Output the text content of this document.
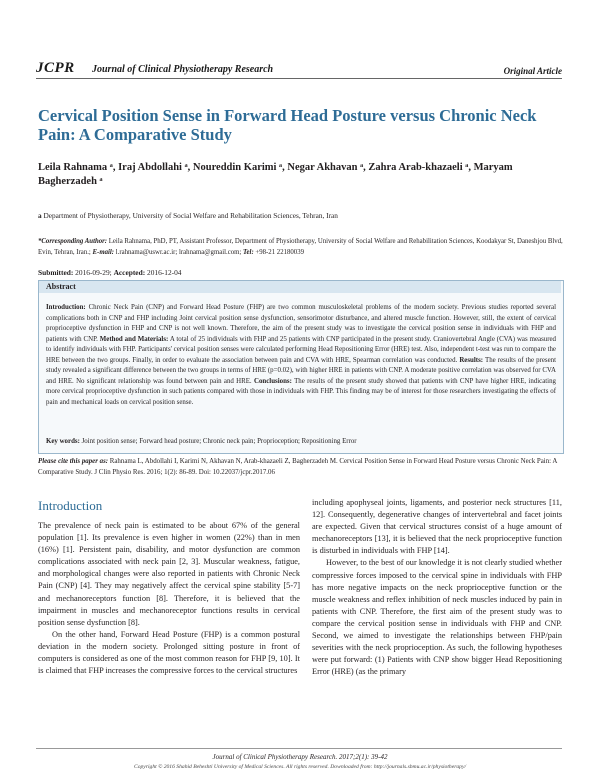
JCPR Journal of Clinical Physiotherapy Research	Original Article
Cervical Position Sense in Forward Head Posture versus Chronic Neck Pain: A Comparative Study
Leila Rahnama ᵃ, Iraj Abdollahi ᵃ, Noureddin Karimi ᵃ, Negar Akhavan ᵃ, Zahra Arab-khazaeli ᵃ, Maryam Bagherzadeh ᵃ
a Department of Physiotherapy, University of Social Welfare and Rehabilitation Sciences, Tehran, Iran
*Corresponding Author: Leila Rahnama, PhD, PT, Assistant Professor, Department of Physiotherapy, University of Social Welfare and Rehabilitation Sciences, Koodakyar St, Daneshjou Blvd, Evin, Tehran, Iran.; E-mail: l.rahnama@uswr.ac.ir; lrahnama@gmail.com; Tel: +98-21 22180039
Submitted: 2016-09-29; Accepted: 2016-12-04
Abstract
Introduction: Chronic Neck Pain (CNP) and Forward Head Posture (FHP) are two common musculoskeletal problems of the modern society. Previous studies reported several complications both in CNP and FHP including Joint cervical position sense dysfunction, sensorimotor disturbance, and altered muscle function. However, still, the extent of cervical proprioceptive dysfunction in FHP and CNP is not well known. Therefore, the aim of the present study was to investigate the cervical position sense in individuals with FHP and patients with CNP. Method and Materials: A total of 25 individuals with FHP and 25 patients with CNP participated in the present study. Craniovertebral Angle (CVA) was measured to identify individuals with FHP. Participants' cervical position senses were calculated performing Head Repositioning Error (HRE) test. Also, independent t-test was run to compare the HRE between the two groups. Finally, in order to evaluate the association between pain and CVA with HRE, Spearman correlation was conducted. Results: The results of the present study revealed a significant difference between the two groups in terms of HRE (p=0.02), with higher HRE in patients with CNP. A moderate positive correlation was observed for CVA and HRE. No significant relationship was found between pain and HRE. Conclusions: The results of the present study showed that patients with CNP have higher HRE, indicating more cervical proprioceptive dysfunction in such patients compared with those in individuals with FHP. This finding may be of interest for those researchers investigating the effects of pain and mechanical loads on cervical position sense.
Key words: Joint position sense; Forward head posture; Chronic neck pain; Proprioception; Repositioning Error
Please cite this paper as: Rahnama L, Abdollahi I, Karimi N, Akhavan N, Arab-khazaeli Z, Bagherzadeh M. Cervical Position Sense in Forward Head Posture versus Chronic Neck Pain: A Comparative Study. J Clin Physio Res. 2016; 1(2): 86-89. Doi: 10.22037/jcpr.2017.06
Introduction

The prevalence of neck pain is estimated to be about 67% of the general population [1]. Its prevalence is even higher in women (22%) than in men (16%) [1]. Persistent pain, disability, and motor dysfunction are common complications associated with neck pain [2, 3]. Muscular weakness, fatigue, and morphological changes were also reported in patients with Chronic Neck Pain (CNP) [4]. They may negatively affect the cervical spine stability [5-7] and mechanoreceptors function [8]. Therefore, it is believed that the impairment in muscles and mechanoreceptor functions results in cervical position sense dysfunction [8].

On the other hand, Forward Head Posture (FHP) is a common postural deviation in the modern society. Prolonged sitting posture in front of computers is considered as one of the most common reason for FHP [9, 10]. It is claimed that FHP increases the compressive forces to the cervical structures

including apophyseal joints, ligaments, and posterior neck structures [11, 12]. Consequently, degenerative changes of intervertebral and facet joints are expected. Given that cervical structures consist of a huge amount of mechanoreceptors [13], it is believed that the neck proprioceptive function is disturbed in individuals with FHP [14].

However, to the best of our knowledge it is not clearly studied whether compressive forces imposed to the cervical spine in individuals with FHP has more negative impacts on the neck proprioceptive function or the muscle weakness and reflex inhibition of neck muscles induced by pain in patients with CNP. Therefore, the first aim of the present study was to compare the cervical position sense in individuals with FHP and CNP. Second, we aimed to investigate the relationships between FHP/pain severities with the neck proprioception. As such, the following hypotheses were put forward: (1) Patients with CNP show bigger Head Repositioning Error (HRE) (as the primary

Journal of Clinical Physiotherapy Research. 2017;2(1): 39-42
Copyright © 2016 Shahid Beheshti University of Medical Sciences. All rights reserved. Downloaded from: http://journals.sbmu.ac.ir/physiotherapy/
